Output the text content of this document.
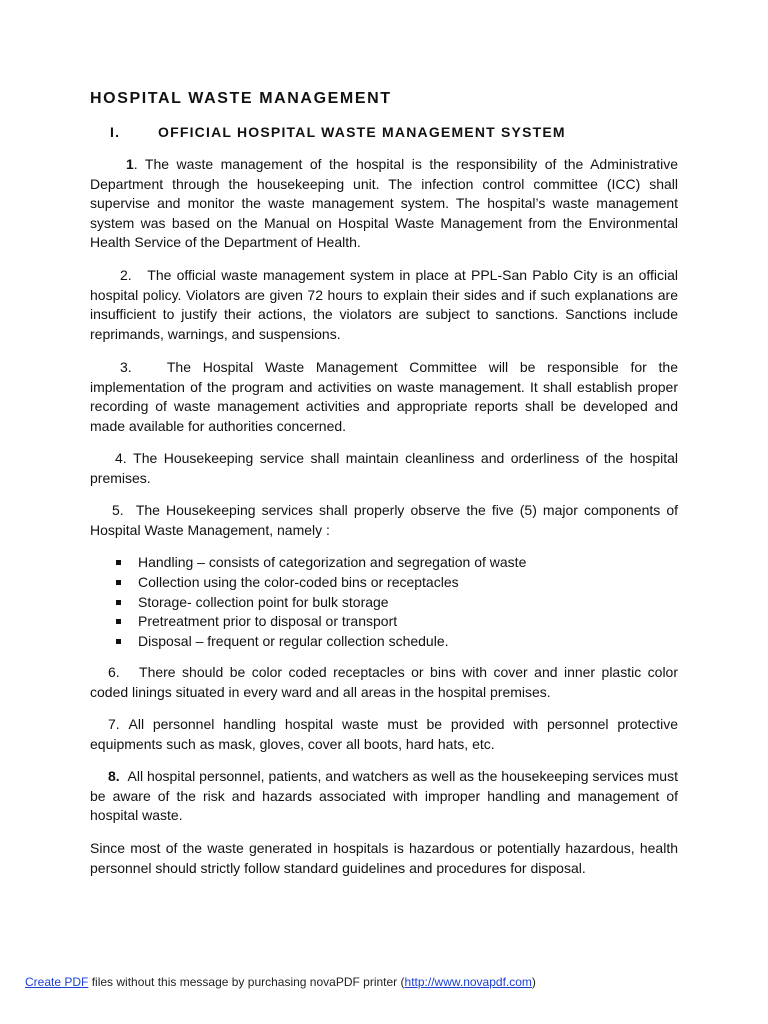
HOSPITAL WASTE MANAGEMENT
I.	OFFICIAL HOSPITAL WASTE MANAGEMENT SYSTEM

1. The waste management of the hospital is the responsibility of the Administrative Department through the housekeeping unit. The infection control committee (ICC) shall supervise and monitor the waste management system. The hospital’s waste management system was based on the Manual on Hospital Waste Management from the Environmental Health Service of the Department of Health.

2. The official waste management system in place at PPL-San Pablo City is an official hospital policy. Violators are given 72 hours to explain their sides and if such explanations are insufficient to justify their actions, the violators are subject to sanctions. Sanctions include reprimands, warnings, and suspensions.

3.	The Hospital Waste Management Committee will be responsible for the implementation of the program and activities on waste management. It shall establish proper recording of waste management activities and appropriate reports shall be developed and made available for authorities concerned.

4. The Housekeeping service shall maintain cleanliness and orderliness of the hospital premises.

5. The Housekeeping services shall properly observe the five (5) major components of Hospital Waste Management, namely :

Handling – consists of categorization and segregation of waste
Collection using the color-coded bins or receptacles
Storage- collection point for bulk storage
Pretreatment prior to disposal or transport
Disposal – frequent or regular collection schedule.

6. There should be color coded receptacles or bins with cover and inner plastic color coded linings situated in every ward and all areas in the hospital premises.

7. All personnel handling hospital waste must be provided with personnel protective equipments such as mask, gloves, cover all boots, hard hats, etc.

8. All hospital personnel, patients, and watchers as well as the housekeeping services must be aware of the risk and hazards associated with improper handling and management of hospital waste.

Since most of the waste generated in hospitals is hazardous or potentially hazardous, health personnel should strictly follow standard guidelines and procedures for disposal.

Create PDF files without this message by purchasing novaPDF printer (http://www.novapdf.com)
